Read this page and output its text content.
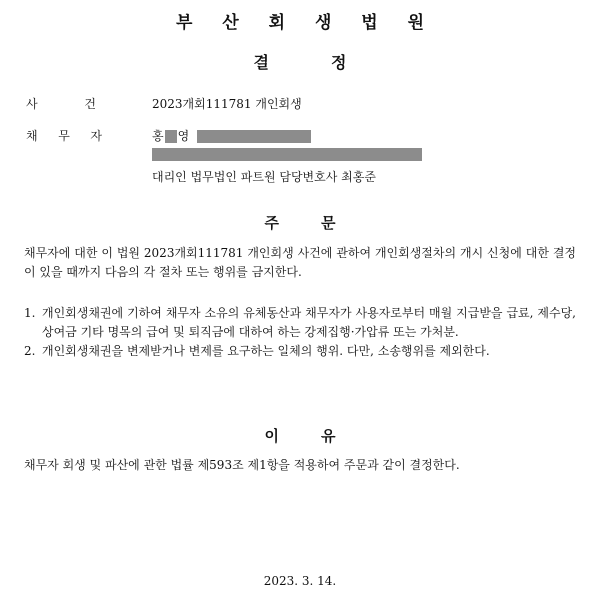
부 산 회 생 법 원
결	정
사	건	2023개회111781 개인회생
채 무 자	홍 영
대리인 법무법인 파트원 담당변호사 최홍준
주	문
채무자에 대한 이 법원 2023개회111781 개인회생 사건에 관하여 개인회생절차의 개시 신청에 대한 결정이 있을 때까지 다음의 각 절차 또는 행위를 금지한다.
1. 개인회생채권에 기하여 채무자 소유의 유체동산과 채무자가 사용자로부터 매월 지급받을 급료, 제수당, 상여금 기타 명목의 급여 및 퇴직금에 대하여 하는 강제집행·가압류 또는 가처분.
2. 개인회생채권을 변제받거나 변제를 요구하는 일체의 행위. 다만, 소송행위를 제외한다.
이	유
채무자 회생 및 파산에 관한 법률 제593조 제1항을 적용하여 주문과 같이 결정한다.
2023. 3. 14.
